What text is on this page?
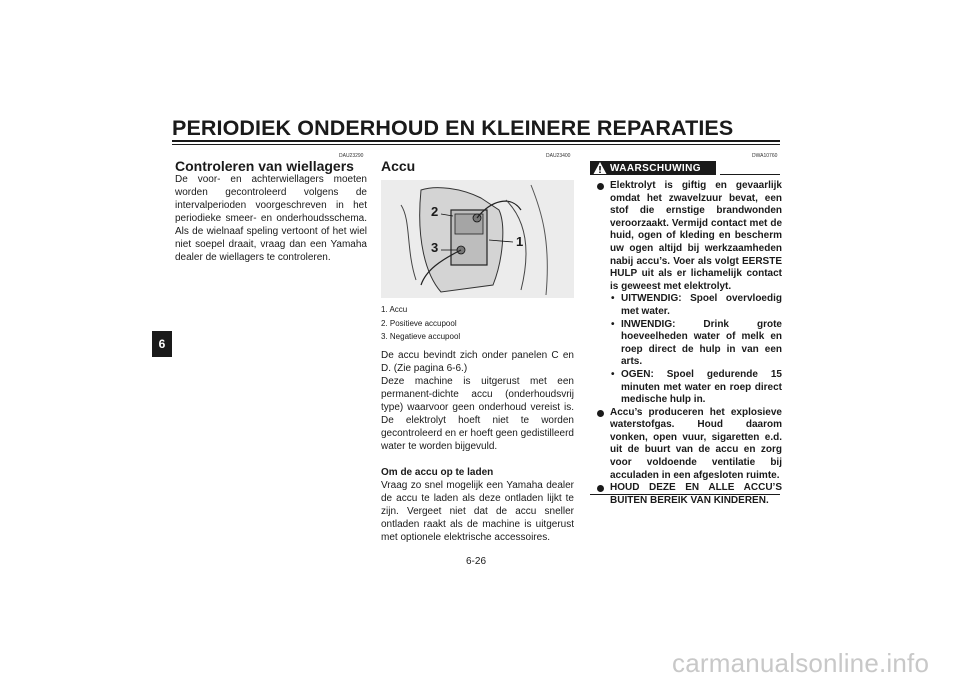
PERIODIEK ONDERHOUD EN KLEINERE REPARATIES
6
DAU23290
Controleren van wiellagers

De voor- en achterwiellagers moeten worden gecontroleerd volgens de intervalperioden voorgeschreven in het periodieke smeer- en onderhoudsschema. Als de wielnaaf speling vertoont of het wiel niet soepel draait, vraag dan een Yamaha dealer de wiellagers te controleren.

DAU23400
Accu
2
3	1
1. Accu
2. Positieve accupool
3. Negatieve accupool

De accu bevindt zich onder panelen C en D. (Zie pagina 6-6.)

Deze machine is uitgerust met een permanent-dichte accu (onderhoudsvrij type) waarvoor geen onderhoud vereist is. De elektrolyt hoeft niet te worden gecontroleerd en er hoeft geen gedistilleerd water te worden bijgevuld.

Om de accu op te laden

Vraag zo snel mogelijk een Yamaha dealer de accu te laden als deze ontladen lijkt te zijn. Vergeet niet dat de accu sneller ontladen raakt als de machine is uitgerust met optionele elektrische accessoires.

DWA10760
WAARSCHUWING
Elektrolyt is giftig en gevaarlijk omdat het zwavelzuur bevat, een stof die ernstige brandwonden veroorzaakt. Vermijd contact met de huid, ogen of kleding en bescherm uw ogen altijd bij werkzaamheden nabij accu’s. Voer als volgt EERSTE HULP uit als er lichamelijk contact is geweest met elektrolyt.
• UITWENDIG: Spoel overvloedig met water.
• INWENDIG: Drink grote hoeveelheden water of melk en roep direct de hulp in van een arts.
• OGEN: Spoel gedurende 15 minuten met water en roep direct medische hulp in.
Accu’s produceren het explosieve waterstofgas. Houd daarom vonken, open vuur, sigaretten e.d. uit de buurt van de accu en zorg voor voldoende ventilatie bij acculaden in een afgesloten ruimte.
HOUD DEZE EN ALLE ACCU’S BUITEN BEREIK VAN KINDEREN.
6-26
carmanualsonline.info
